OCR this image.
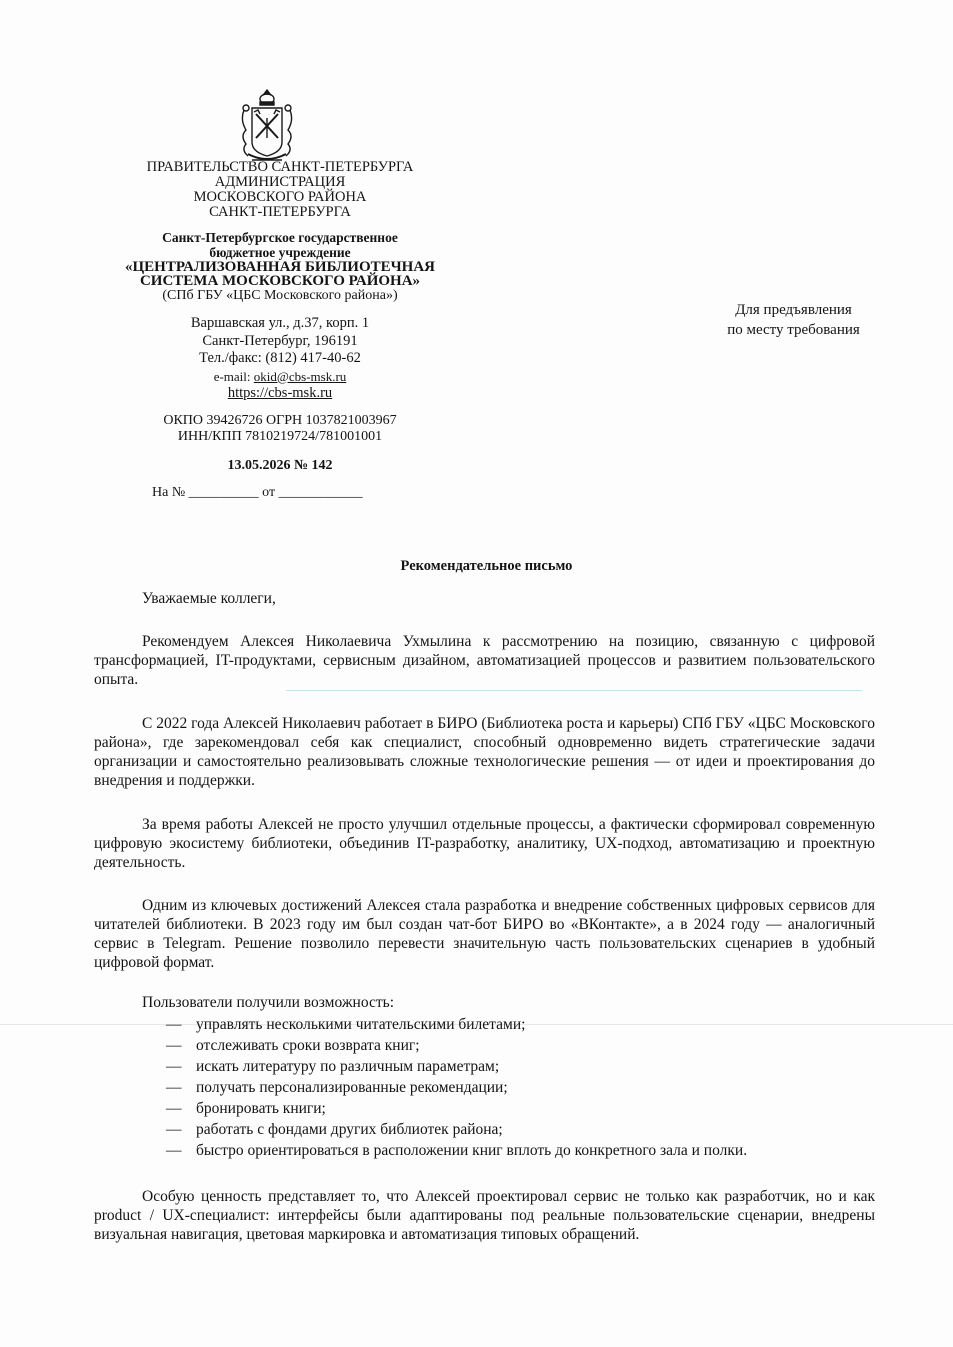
ПРАВИТЕЛЬСТВО САНКТ-ПЕТЕРБУРГА
АДМИНИСТРАЦИЯ
МОСКОВСКОГО РАЙОНА
САНКТ-ПЕТЕРБУРГА
Санкт-Петербургское государственное
бюджетное учреждение
«ЦЕНТРАЛИЗОВАННАЯ БИБЛИОТЕЧНАЯ
СИСТЕМА МОСКОВСКОГО РАЙОНА»
(СПб ГБУ «ЦБС Московского района»)
Варшавская ул., д.37, корп. 1
Санкт-Петербург, 196191
Тел./факс: (812) 417-40-62
e-mail: okid@cbs-msk.ru
https://cbs-msk.ru
ОКПО 39426726 ОГРН 1037821003967
ИНН/КПП 7810219724/781001001
13.05.2026 № 142
На № __________ от ____________
Для предъявления
по месту требования
Рекомендательное письмо
Уважаемые коллеги,
Рекомендуем Алексея Николаевича Ухмылина к рассмотрению на позицию, связанную с цифровой трансформацией, IT-продуктами, сервисным дизайном, автоматизацией процессов и развитием пользовательского опыта.
С 2022 года Алексей Николаевич работает в БИРО (Библиотека роста и карьеры) СПб ГБУ «ЦБС Московского района», где зарекомендовал себя как специалист, способный одновременно видеть стратегические задачи организации и самостоятельно реализовывать сложные технологические решения — от идеи и проектирования до внедрения и поддержки.
За время работы Алексей не просто улучшил отдельные процессы, а фактически сформировал современную цифровую экосистему библиотеки, объединив IT-разработку, аналитику, UX-подход, автоматизацию и проектную деятельность.
Одним из ключевых достижений Алексея стала разработка и внедрение собственных цифровых сервисов для читателей библиотеки. В 2023 году им был создан чат-бот БИРО во «ВКонтакте», а в 2024 году — аналогичный сервис в Telegram. Решение позволило перевести значительную часть пользовательских сценариев в удобный цифровой формат.
Пользователи получили возможность:
— управлять несколькими читательскими билетами;
— отслеживать сроки возврата книг;
— искать литературу по различным параметрам;
— получать персонализированные рекомендации;
— бронировать книги;
— работать с фондами других библиотек района;
— быстро ориентироваться в расположении книг вплоть до конкретного зала и полки.
Особую ценность представляет то, что Алексей проектировал сервис не только как разработчик, но и как product / UX-специалист: интерфейсы были адаптированы под реальные пользовательские сценарии, внедрены визуальная навигация, цветовая маркировка и автоматизация типовых обращений.
